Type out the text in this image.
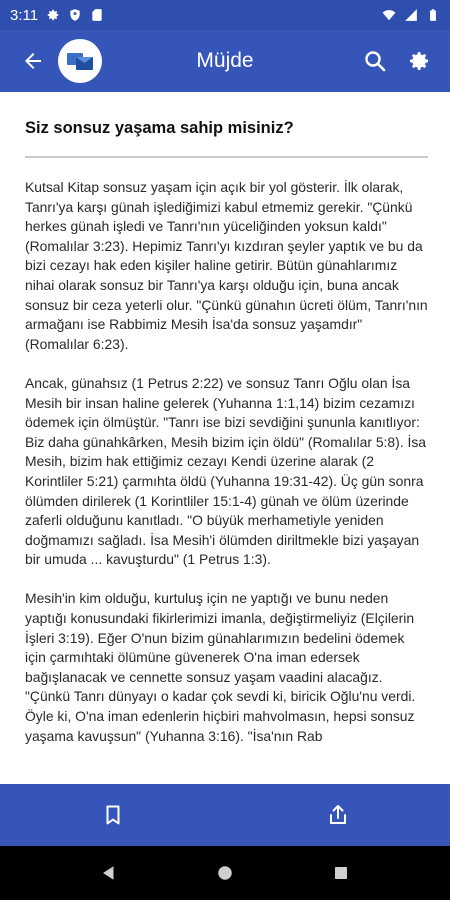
3:11
Müjde
Siz sonsuz yaşama sahip misiniz?

Kutsal Kitap sonsuz yaşam için açık bir yol gösterir. İlk olarak, Tanrı'ya karşı günah işlediğimizi kabul etmemiz gerekir. "Çünkü herkes günah işledi ve Tanrı'nın yüceliğinden yoksun kaldı" (Romalılar 3:23). Hepimiz Tanrı'yı kızdıran şeyler yaptık ve bu da bizi cezayı hak eden kişiler haline getirir. Bütün günahlarımız nihai olarak sonsuz bir Tanrı'ya karşı olduğu için, buna ancak sonsuz bir ceza yeterli olur. "Çünkü günahın ücreti ölüm, Tanrı'nın armağanı ise Rabbimiz Mesih İsa'da sonsuz yaşamdır" (Romalılar 6:23).

Ancak, günahsız (1 Petrus 2:22) ve sonsuz Tanrı Oğlu olan İsa Mesih bir insan haline gelerek (Yuhanna 1:1,14) bizim cezamızı ödemek için ölmüştür. "Tanrı ise bizi sevdiğini şununla kanıtlıyor: Biz daha günahkârken, Mesih bizim için öldü" (Romalılar 5:8). İsa Mesih, bizim hak ettiğimiz cezayı Kendi üzerine alarak (2 Korintliler 5:21) çarmıhta öldü (Yuhanna 19:31-42). Üç gün sonra ölümden dirilerek (1 Korintliler 15:1-4) günah ve ölüm üzerinde zaferli olduğunu kanıtladı. "O büyük merhametiyle yeniden doğmamızı sağladı. İsa Mesih'i ölümden diriltmekle bizi yaşayan bir umuda ... kavuşturdu" (1 Petrus 1:3).

Mesih'in kim olduğu, kurtuluş için ne yaptığı ve bunu neden yaptığı konusundaki fikirlerimizi imanla, değiştirmeliyiz (Elçilerin İşleri 3:19). Eğer O'nun bizim günahlarımızın bedelini ödemek için çarmıhtaki ölümüne güvenerek O'na iman edersek bağışlanacak ve cennette sonsuz yaşam vaadini alacağız. "Çünkü Tanrı dünyayı o kadar çok sevdi ki, biricik Oğlu'nu verdi. Öyle ki, O'na iman edenlerin hiçbiri mahvolmasın, hepsi sonsuz yaşama kavuşsun" (Yuhanna 3:16). "İsa'nın Rab
